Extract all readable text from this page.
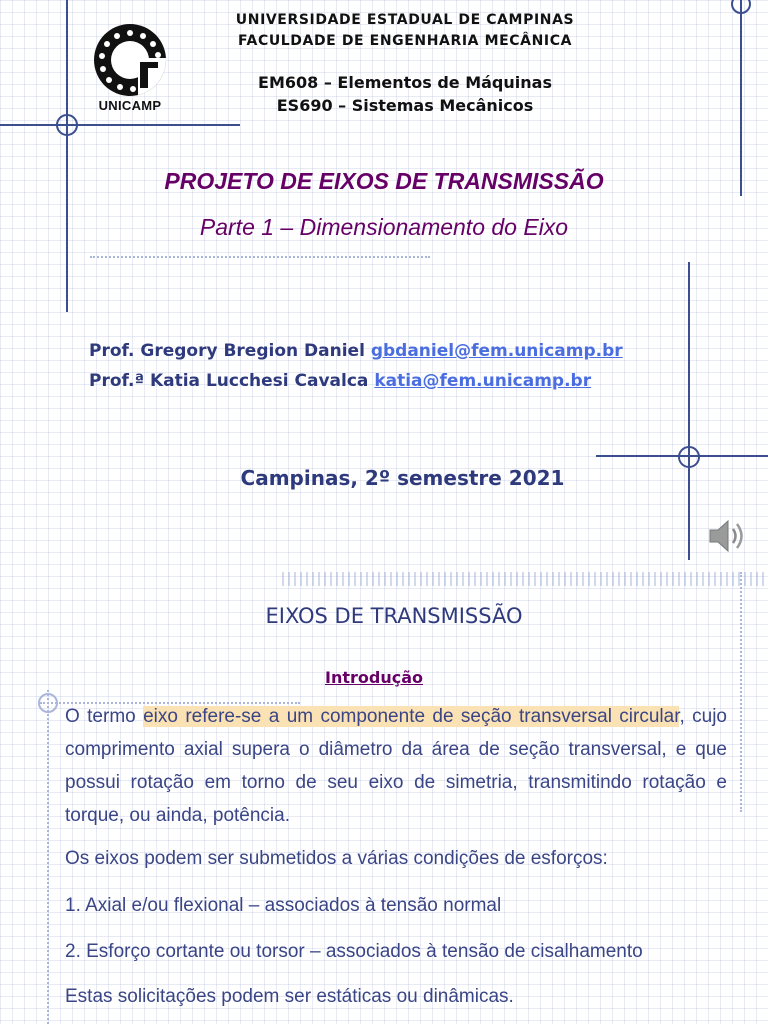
UNICAMP
UNIVERSIDADE ESTADUAL DE CAMPINAS
FACULDADE DE ENGENHARIA MECÂNICA
EM608 – Elementos de Máquinas
ES690 – Sistemas Mecânicos
PROJETO DE EIXOS DE TRANSMISSÃO
Parte 1 – Dimensionamento do Eixo
Prof. Gregory Bregion Daniel gbdaniel@fem.unicamp.br
Prof.ª Katia Lucchesi Cavalca katia@fem.unicamp.br
Campinas, 2º semestre 2021
EIXOS DE TRANSMISSÃO
Introdução
O termo eixo refere-se a um componente de seção transversal circular, cujo comprimento axial supera o diâmetro da área de seção transversal, e que possui rotação em torno de seu eixo de simetria, transmitindo rotação e torque, ou ainda, potência.
Os eixos podem ser submetidos a várias condições de esforços:
1. Axial e/ou flexional – associados à tensão normal
2. Esforço cortante ou torsor – associados à tensão de cisalhamento
Estas solicitações podem ser estáticas ou dinâmicas.
